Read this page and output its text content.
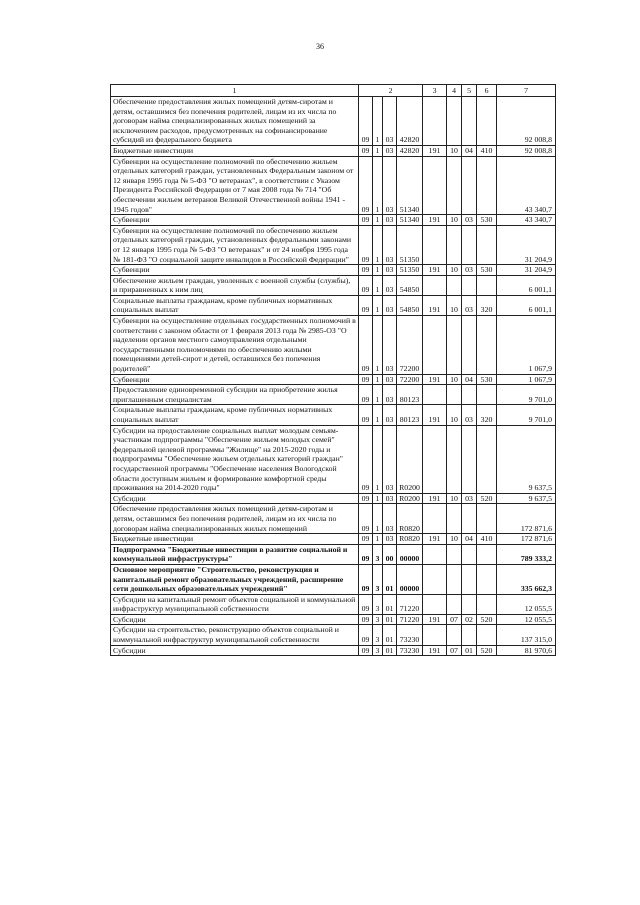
36
1	2				3	4	5	6	7
Обеспечение предоставления жилых помещений детям-сиротам и детям, оставшимся без попечения родителей, лицам из их числа по договорам найма специализированных жилых помещений за исключением расходов, предусмотренных на софинансирование субсидий из федерального бюджета	09	1	03	42820					92 008,8
Бюджетные инвестиции	09	1	03	42820	191	10	04	410	92 008,8
Субвенции на осуществление полномочий по обеспечению жильем отдельных категорий граждан, установленных Федеральным законом от 12 января 1995 года № 5-ФЗ "О ветеранах", в соответствии с Указом Президента Российской Федерации от 7 мая 2008 года № 714 "Об обеспечении жильем ветеранов Великой Отечественной войны 1941 - 1945 годов"	09	1	03	51340					43 340,7
Субвенции	09	1	03	51340	191	10	03	530	43 340,7
Субвенции на осуществление полномочий по обеспечению жильем отдельных категорий граждан, установленных федеральными законами от 12 января 1995 года № 5-ФЗ "О ветеранах" и от 24 ноября 1995 года № 181-ФЗ "О социальной защите инвалидов в Российской Федерации"	09	1	03	51350					31 204,9
Субвенции	09	1	03	51350	191	10	03	530	31 204,9
Обеспечение жильем граждан, уволенных с военной службы (службы), и приравненных к ним лиц	09	1	03	54850					6 001,1
Социальные выплаты гражданам, кроме публичных нормативных социальных выплат	09	1	03	54850	191	10	03	320	6 001,1
Субвенции на осуществление отдельных государственных полномочий в соответствии с законом области от 1 февраля 2013 года № 2985-ОЗ "О наделении органов местного самоуправления отдельными государственными полномочиями по обеспечению жилыми помещениями детей-сирот и детей, оставшихся без попечения родителей"	09	1	03	72200					1 067,9
Субвенции	09	1	03	72200	191	10	04	530	1 067,9
Предоставление единовременной субсидии на приобретение жилья приглашенным специалистам	09	1	03	80123					9 701,0
Социальные выплаты гражданам, кроме публичных нормативных социальных выплат	09	1	03	80123	191	10	03	320	9 701,0
Субсидии на предоставление социальных выплат молодым семьям-участникам подпрограммы "Обеспечение жильем молодых семей" федеральной целевой программы "Жилище" на 2015-2020 годы и подпрограммы "Обеспечение жильем отдельных категорий граждан" государственной программы "Обеспечение населения Вологодской области доступным жильем и формирование комфортной среды проживания на 2014-2020 годы"	09	1	03	R0200					9 637,5
Субсидии	09	1	03	R0200	191	10	03	520	9 637,5
Обеспечение предоставления жилых помещений детям-сиротам и детям, оставшимся без попечения родителей, лицам из их числа по договорам найма специализированных жилых помещений	09	1	03	R0820					172 871,6
Бюджетные инвестиции	09	1	03	R0820	191	10	04	410	172 871,6
Подпрограмма "Бюджетные инвестиции в развитие социальной и коммунальной инфраструктуры"	09	3	00	00000					789 333,2
Основное мероприятие "Строительство, реконструкция и капитальный ремонт образовательных учреждений, расширение сети дошкольных образовательных учреждений"	09	3	01	00000					335 662,3
Субсидии на капитальный ремонт объектов социальной и коммунальной инфраструктур муниципальной собственности	09	3	01	71220					12 055,5
Субсидии	09	3	01	71220	191	07	02	520	12 055,5
Субсидии на строительство, реконструкцию объектов социальной и коммунальной инфраструктур муниципальной собственности	09	3	01	73230					137 315,0
Субсидии	09	3	01	73230	191	07	01	520	81 970,6
